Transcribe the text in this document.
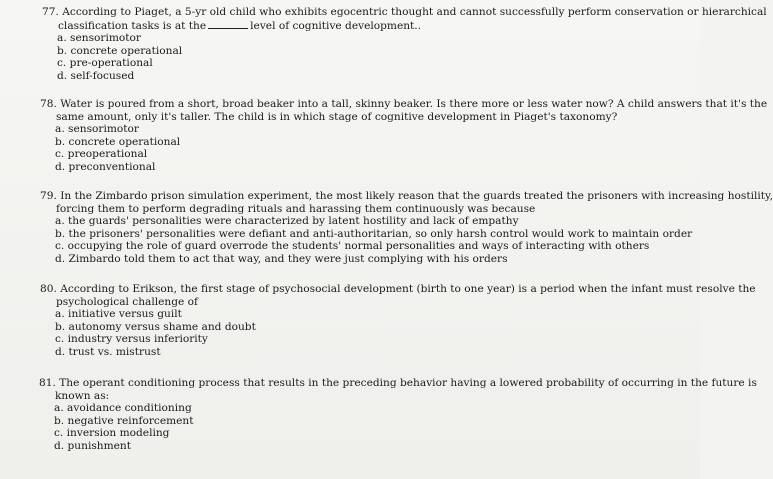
77. According to Piaget, a 5-yr old child who exhibits egocentric thought and cannot successfully perform conservation or hierarchical
classification tasks is at the	level of cognitive development..
a. sensorimotor
b. concrete operational
c. pre-operational
d. self-focused
78. Water is poured from a short, broad beaker into a tall, skinny beaker. Is there more or less water now? A child answers that it's the
same amount, only it's taller. The child is in which stage of cognitive development in Piaget's taxonomy?
a. sensorimotor
b. concrete operational
c. preoperational
d. preconventional
79. In the Zimbardo prison simulation experiment, the most likely reason that the guards treated the prisoners with increasing hostility,
forcing them to perform degrading rituals and harassing them continuously was because
a. the guards' personalities were characterized by latent hostility and lack of empathy
b. the prisoners' personalities were defiant and anti-authoritarian, so only harsh control would work to maintain order
c. occupying the role of guard overrode the students' normal personalities and ways of interacting with others
d. Zimbardo told them to act that way, and they were just complying with his orders
80. According to Erikson, the first stage of psychosocial development (birth to one year) is a period when the infant must resolve the
psychological challenge of
a. initiative versus guilt
b. autonomy versus shame and doubt
c. industry versus inferiority
d. trust vs. mistrust
81. The operant conditioning process that results in the preceding behavior having a lowered probability of occurring in the future is
known as:
a. avoidance conditioning
b. negative reinforcement
c. inversion modeling
d. punishment
